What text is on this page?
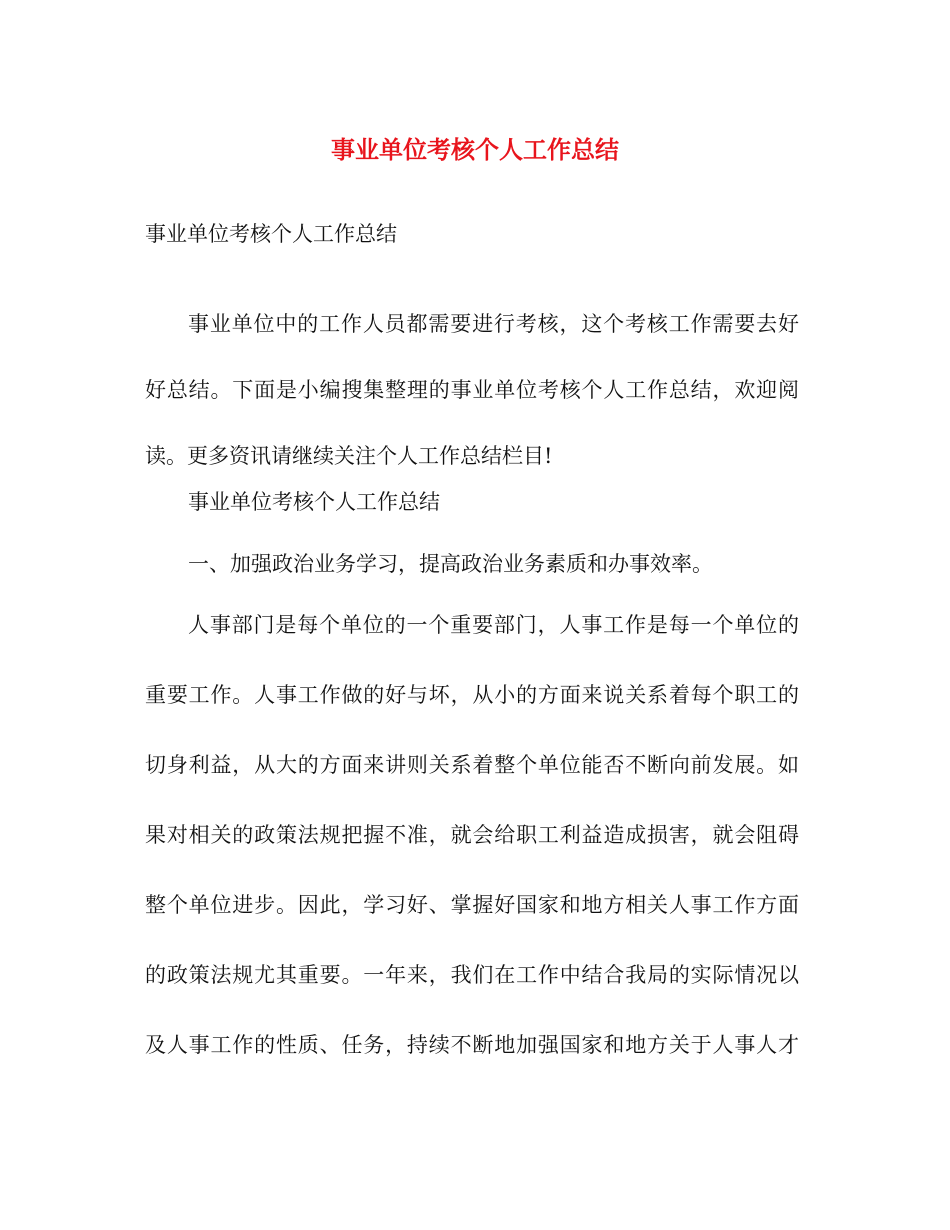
事业单位考核个人工作总结

事业单位考核个人工作总结

事业单位中的工作人员都需要进行考核，这个考核工作需要去好

好总结。下面是小编搜集整理的事业单位考核个人工作总结，欢迎阅

读。更多资讯请继续关注个人工作总结栏目!

事业单位考核个人工作总结

一、加强政治业务学习，提高政治业务素质和办事效率。

人事部门是每个单位的一个重要部门，人事工作是每一个单位的

重要工作。人事工作做的好与坏，从小的方面来说关系着每个职工的

切身利益，从大的方面来讲则关系着整个单位能否不断向前发展。如

果对相关的政策法规把握不准，就会给职工利益造成损害，就会阻碍

整个单位进步。因此，学习好、掌握好国家和地方相关人事工作方面

的政策法规尤其重要。一年来，我们在工作中结合我局的实际情况以

及人事工作的性质、任务，持续不断地加强国家和地方关于人事人才
